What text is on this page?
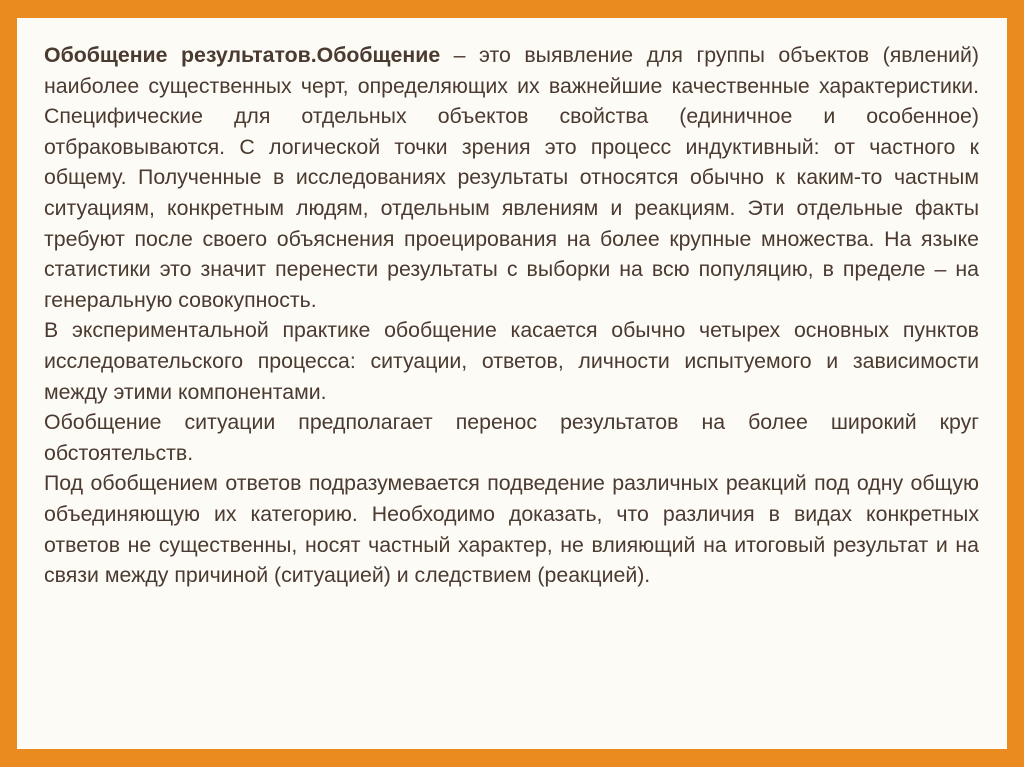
Обобщение результатов.Обобщение – это выявление для группы объектов (явлений) наиболее существенных черт, определяющих их важнейшие качественные характеристики. Специфические для отдельных объектов свойства (единичное и особенное) отбраковываются. С логической точки зрения это процесс индуктивный: от частного к общему. Полученные в исследованиях результаты относятся обычно к каким-то частным ситуациям, конкретным людям, отдельным явлениям и реакциям. Эти отдельные факты требуют после своего объяснения проецирования на более крупные множества. На языке статистики это значит перенести результаты с выборки на всю популяцию, в пределе – на генеральную совокупность.

В экспериментальной практике обобщение касается обычно четырех основных пунктов исследовательского процесса: ситуации, ответов, личности испытуемого и зависимости между этими компонентами.

Обобщение ситуации предполагает перенос результатов на более широкий круг обстоятельств.

Под обобщением ответов подразумевается подведение различных реакций под одну общую объединяющую их категорию. Необходимо доказать, что различия в видах конкретных ответов не существенны, носят частный характер, не влияющий на итоговый результат и на связи между причиной (ситуацией) и следствием (реакцией).
